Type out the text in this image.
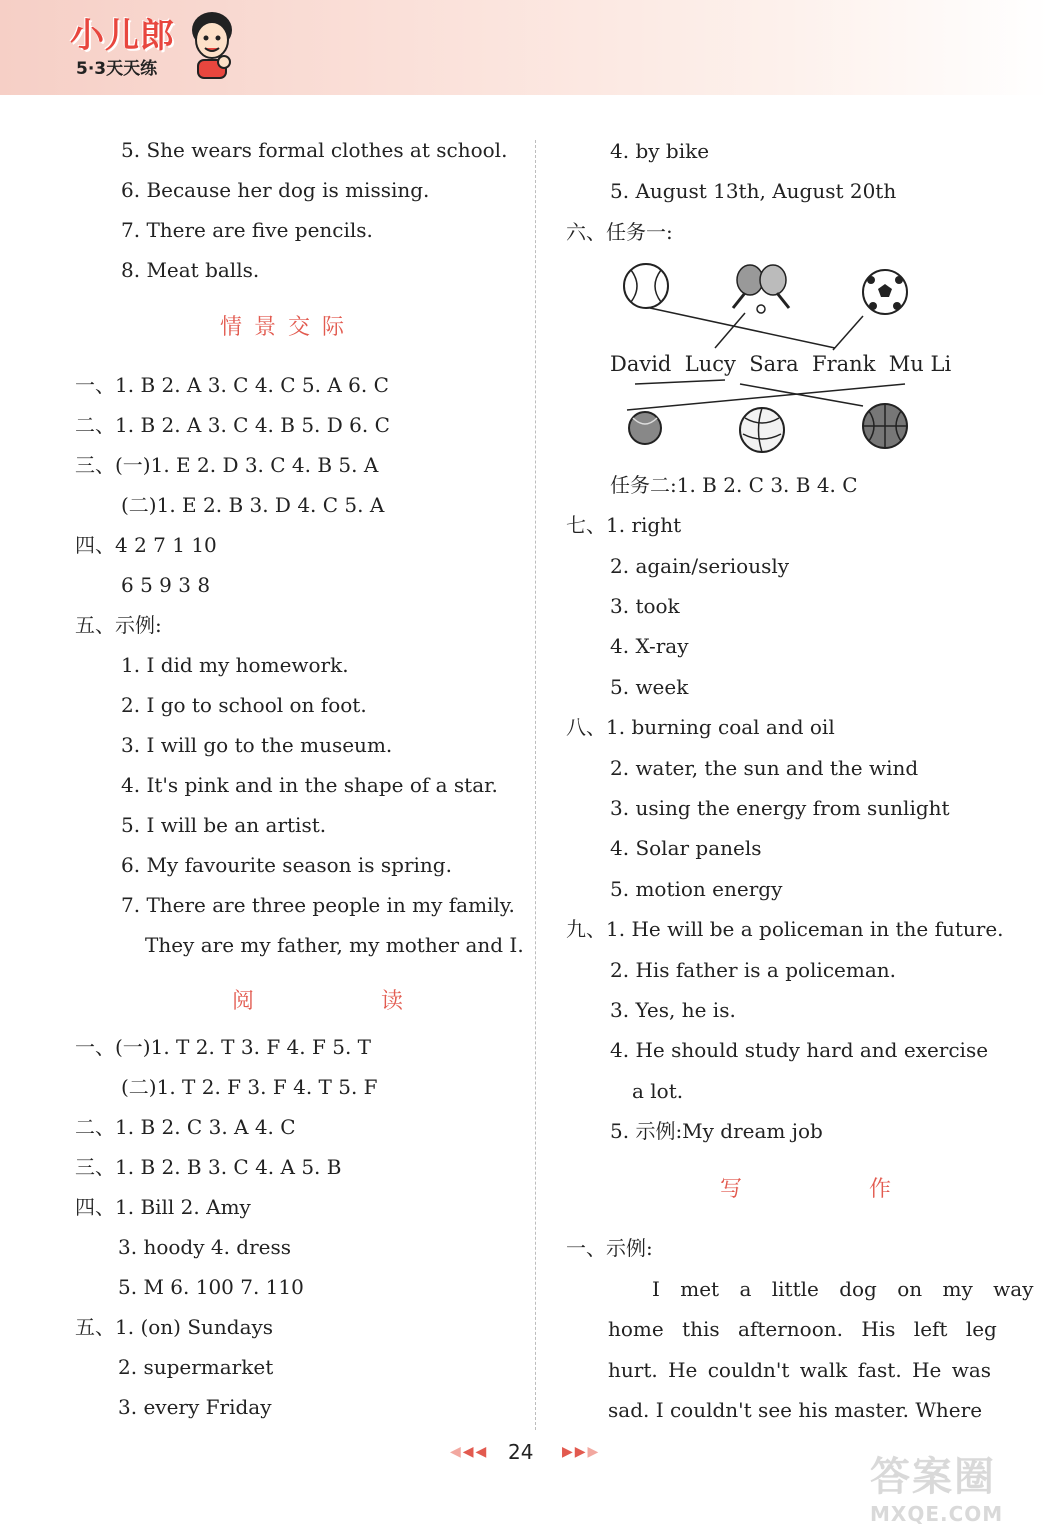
小儿郎
5·3天天练
5. She wears formal clothes at school.
6. Because her dog is missing.
7. There are five pencils.
8. Meat balls.
情景交际
一、1. B 2. A 3. C 4. C 5. A 6. C
二、1. B 2. A 3. C 4. B 5. D 6. C
三、(一)1. E 2. D 3. C 4. B 5. A
(二)1. E 2. B 3. D 4. C 5. A
四、4 2 7 1 10
6 5 9 3 8
五、示例:
1. I did my homework.
2. I go to school on foot.
3. I will go to the museum.
4. It's pink and in the shape of a star.
5. I will be an artist.
6. My favourite season is spring.
7. There are three people in my family.
They are my father, my mother and I.
阅 读
一、(一)1. T 2. T 3. F 4. F 5. T
(二)1. T 2. F 3. F 4. T 5. F
二、1. B 2. C 3. A 4. C
三、1. B 2. B 3. C 4. A 5. B
四、1. Bill 2. Amy
3. hoody 4. dress
5. M 6. 100 7. 110
五、1. (on) Sundays
2. supermarket
3. every Friday
4. by bike
5. August 13th, August 20th
六、任务一:
David Lucy Sara Frank Mu Li
任务二:1. B 2. C 3. B 4. C
七、1. right
2. again/seriously
3. took
4. X-ray
5. week
八、1. burning coal and oil
2. water, the sun and the wind
3. using the energy from sunlight
4. Solar panels
5. motion energy
九、1. He will be a policeman in the future.
2. His father is a policeman.
3. Yes, he is.
4. He should study hard and exercise
a lot.
5. 示例:My dream job
写 作
一、示例:
I met a little dog on my way
home this afternoon. His left leg
hurt. He couldn't walk fast. He was
sad. I couldn't see his master. Where
◀◀◀ 24 ▶▶▶
答案圈
MXQE.COM
